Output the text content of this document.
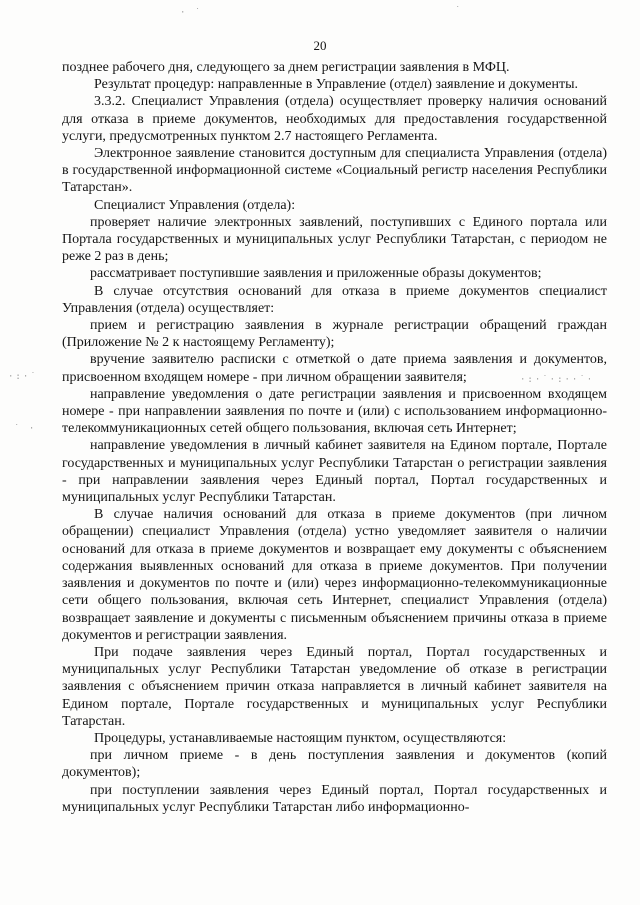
20

позднее рабочего дня, следующего за днем регистрации заявления в МФЦ.

Результат процедур: направленные в Управление (отдел) заявление и документы.

3.3.2. Специалист Управления (отдела) осуществляет проверку наличия оснований для отказа в приеме документов, необходимых для предоставления государственной услуги, предусмотренных пунктом 2.7 настоящего Регламента.

Электронное заявление становится доступным для специалиста Управления (отдела) в государственной информационной системе «Социальный регистр населения Республики Татарстан».

Специалист Управления (отдела):

проверяет наличие электронных заявлений, поступивших с Единого портала или Портала государственных и муниципальных услуг Республики Татарстан, с периодом не реже 2 раз в день;

рассматривает поступившие заявления и приложенные образы документов;

В случае отсутствия оснований для отказа в приеме документов специалист Управления (отдела) осуществляет:

прием и регистрацию заявления в журнале регистрации обращений граждан (Приложение № 2 к настоящему Регламенту);

вручение заявителю расписки с отметкой о дате приема заявления и документов, присвоенном входящем номере - при личном обращении заявителя;

направление уведомления о дате регистрации заявления и присвоенном входящем номере - при направлении заявления по почте и (или) с использованием информационно-телекоммуникационных сетей общего пользования, включая сеть Интернет;

направление уведомления в личный кабинет заявителя на Едином портале, Портале государственных и муниципальных услуг Республики Татарстан о регистрации заявления - при направлении заявления через Единый портал, Портал государственных и муниципальных услуг Республики Татарстан.

В случае наличия оснований для отказа в приеме документов (при личном обращении) специалист Управления (отдела) устно уведомляет заявителя о наличии оснований для отказа в приеме документов и возвращает ему документы с объяснением содержания выявленных оснований для отказа в приеме документов. При получении заявления и документов по почте и (или) через информационно-телекоммуникационные сети общего пользования, включая сеть Интернет, специалист Управления (отдела) возвращает заявление и документы с письменным объяснением причины отказа в приеме документов и регистрации заявления.

При подаче заявления через Единый портал, Портал государственных и муниципальных услуг Республики Татарстан уведомление об отказе в регистрации заявления с объяснением причин отказа направляется в личный кабинет заявителя на Едином портале, Портале государственных и муниципальных услуг Республики Татарстан.

Процедуры, устанавливаемые настоящим пунктом, осуществляются:

при личном приеме - в день поступления заявления и документов (копий документов);

при поступлении заявления через Единый портал, Портал государственных и муниципальных услуг Республики Татарстан либо информационно-

· ˙	˙
·:·˙
˙ ·
·:·˙·:··˙·
